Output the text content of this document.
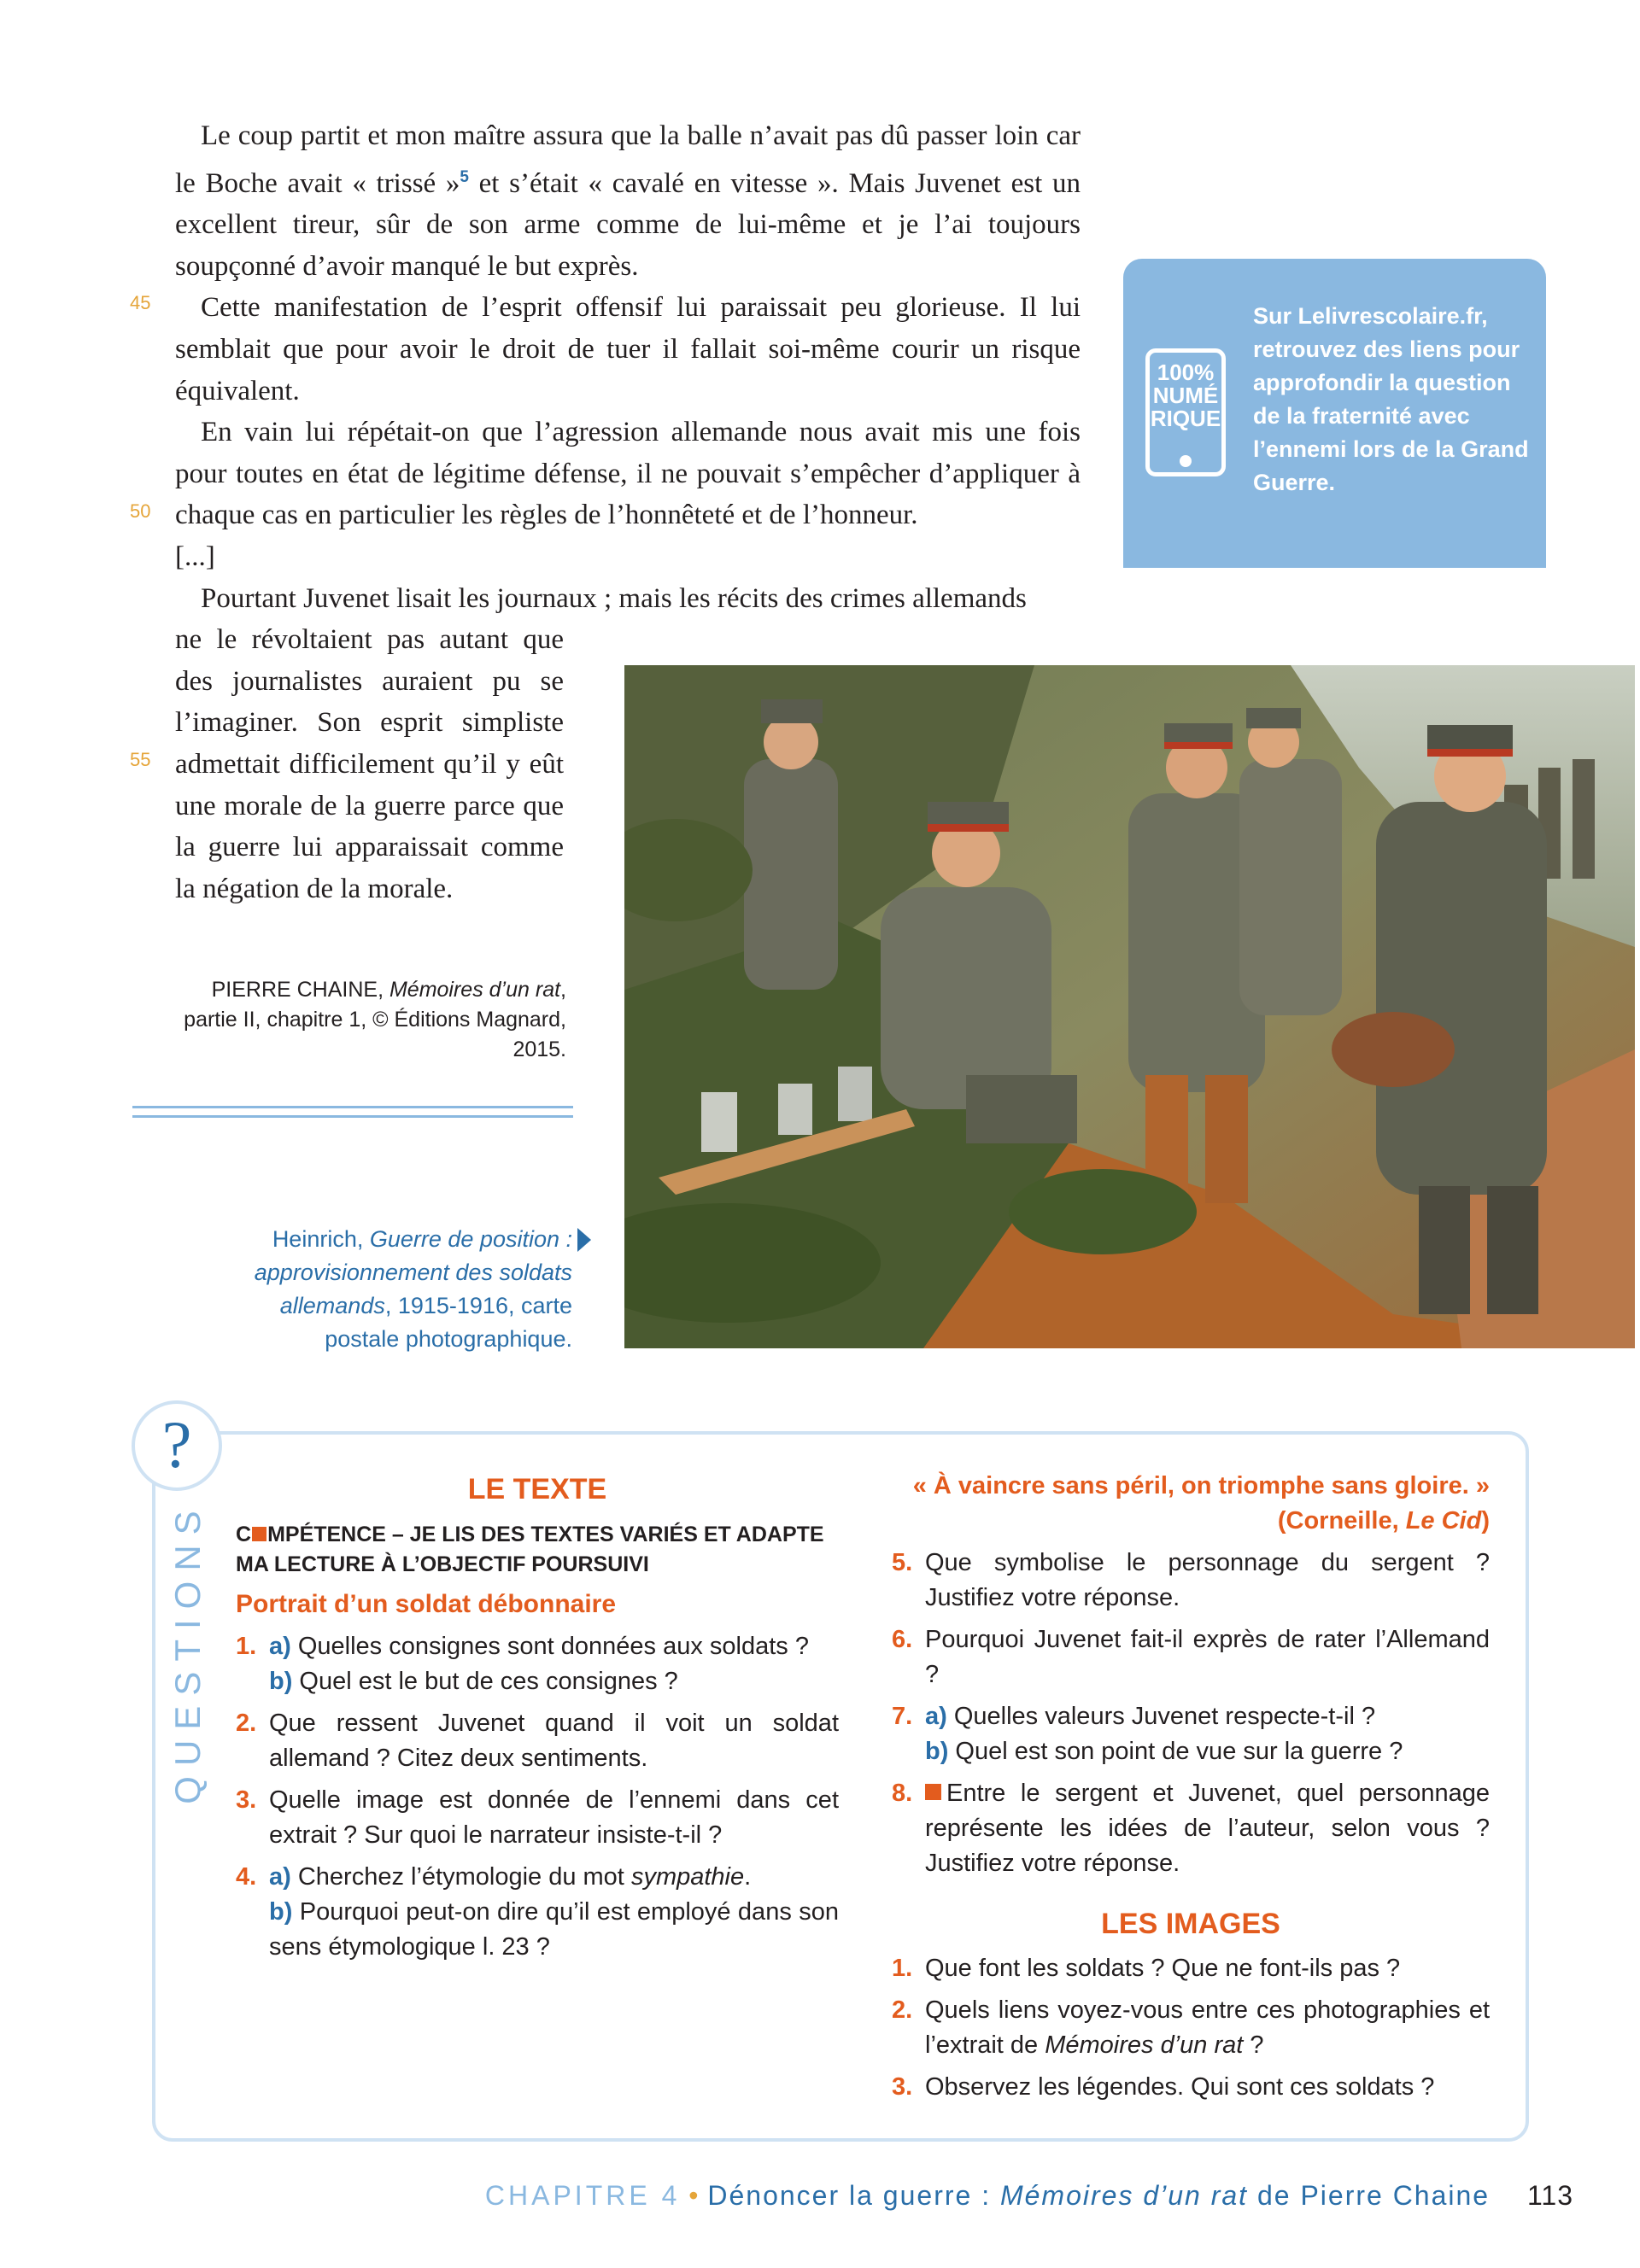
Le coup partit et mon maître assura que la balle n’avait pas dû passer loin car le Boche avait « trissé »$^5$ et s’était « cavalé en vitesse ». Mais Juvenet est un excellent tireur, sûr de son arme comme de lui-même et je l’ai toujours soupçonné d’avoir manqué le but exprès.

Cette manifestation de l’esprit offensif lui paraissait peu glorieuse. Il lui semblait que pour avoir le droit de tuer il fallait soi-même courir un risque équivalent.

En vain lui répétait-on que l’agression allemande nous avait mis une fois pour toutes en état de légitime défense, il ne pouvait s’empêcher d’appliquer à chaque cas en particulier les règles de l’honnêteté et de l’honneur.

[...]

Pourtant Juvenet lisait les journaux ; mais les récits des crimes allemands

ne le révoltaient pas autant que des journalistes auraient pu se l’imaginer. Son esprit simpliste admettait difficilement qu’il y eût une morale de la guerre parce que la guerre lui apparaissait comme la négation de la morale.
45
50
55
100%
NUMÉ
RIQUE
Sur Lelivrescolaire.fr, retrouvez des liens pour approfondir la question de la fraternité avec l’ennemi lors de la Grand Guerre.
PIERRE CHAINE, Mémoires d’un rat, partie II, chapitre 1, © Éditions Magnard, 2015.
Heinrich, Guerre de position : approvisionnement des soldats allemands, 1915-1916, carte postale photographique.
?
QUESTIONS
LE TEXTE
C MPÉTENCE – JE LIS DES TEXTES VARIÉS ET ADAPTE MA LECTURE À L’OBJECTIF POURSUIVI
Portrait d’un soldat débonnaire
1. a) Quelles consignes sont données aux soldats ?
b) Quel est le but de ces consignes ?
2. Que ressent Juvenet quand il voit un soldat allemand ? Citez deux sentiments.
3. Quelle image est donnée de l’ennemi dans cet extrait ? Sur quoi le narrateur insiste-t-il ?
4. a) Cherchez l’étymologie du mot sympathie.
b) Pourquoi peut-on dire qu’il est employé dans son sens étymologique l. 23 ?
« À vaincre sans péril, on triomphe sans gloire. »
(Corneille, Le Cid)
5. Que symbolise le personnage du sergent ? Justifiez votre réponse.
6. Pourquoi Juvenet fait-il exprès de rater l’Allemand ?
7. a) Quelles valeurs Juvenet respecte-t-il ?
b) Quel est son point de vue sur la guerre ?
8. Entre le sergent et Juvenet, quel personnage représente les idées de l’auteur, selon vous ? Justifiez votre réponse.
LES IMAGES
1. Que font les soldats ? Que ne font-ils pas ?
2. Quels liens voyez-vous entre ces photographies et l’extrait de Mémoires d’un rat ?
3. Observez les légendes. Qui sont ces soldats ?
CHAPITRE 4 • Dénoncer la guerre : Mémoires d’un rat de Pierre Chaine 113
